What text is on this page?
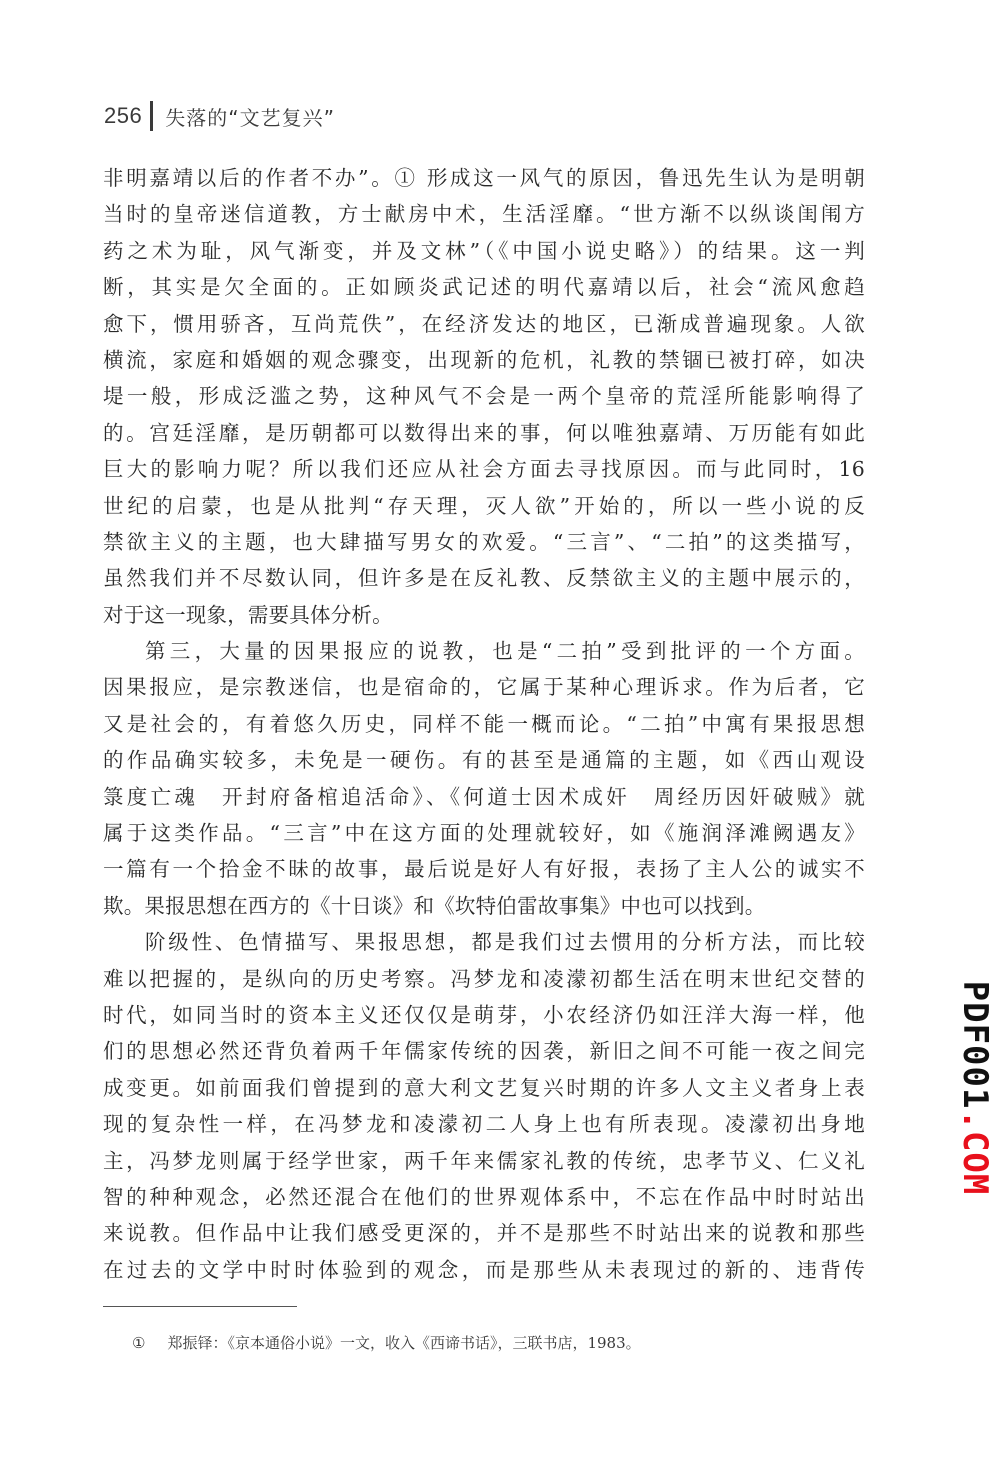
256 失落的“文艺复兴”
非明嘉靖以后的作者不办”。① 形成这一风气的原因，鲁迅先生认为是明朝
当时的皇帝迷信道教，方士献房中术，生活淫靡。“世方渐不以纵谈闺闱方
药之术为耻，风气渐变，并及文林”（《中国小说史略》）的结果。这一判
断，其实是欠全面的。正如顾炎武记述的明代嘉靖以后，社会“流风愈趋
愈下，惯用骄吝，互尚荒佚”，在经济发达的地区，已渐成普遍现象。人欲
横流，家庭和婚姻的观念骤变，出现新的危机，礼教的禁锢已被打碎，如决
堤一般，形成泛滥之势，这种风气不会是一两个皇帝的荒淫所能影响得了
的。宫廷淫靡，是历朝都可以数得出来的事，何以唯独嘉靖、万历能有如此
巨大的影响力呢？所以我们还应从社会方面去寻找原因。而与此同时，16
世纪的启蒙，也是从批判“存天理，灭人欲”开始的，所以一些小说的反
禁欲主义的主题，也大肆描写男女的欢爱。“三言”、“二拍”的这类描写，
虽然我们并不尽数认同，但许多是在反礼教、反禁欲主义的主题中展示的，
对于这一现象，需要具体分析。
第三，大量的因果报应的说教，也是“二拍”受到批评的一个方面。
因果报应，是宗教迷信，也是宿命的，它属于某种心理诉求。作为后者，它
又是社会的，有着悠久历史，同样不能一概而论。“二拍”中寓有果报思想
的作品确实较多，未免是一硬伤。有的甚至是通篇的主题，如《西山观设
箓度亡魂　开封府备棺追活命》、《何道士因术成奸　周经历因奸破贼》就
属于这类作品。“三言”中在这方面的处理就较好，如《施润泽滩阙遇友》
一篇有一个拾金不昧的故事，最后说是好人有好报，表扬了主人公的诚实不
欺。果报思想在西方的《十日谈》和《坎特伯雷故事集》中也可以找到。
阶级性、色情描写、果报思想，都是我们过去惯用的分析方法，而比较
难以把握的，是纵向的历史考察。冯梦龙和凌濛初都生活在明末世纪交替的
时代，如同当时的资本主义还仅仅是萌芽，小农经济仍如汪洋大海一样，他
们的思想必然还背负着两千年儒家传统的因袭，新旧之间不可能一夜之间完
成变更。如前面我们曾提到的意大利文艺复兴时期的许多人文主义者身上表
现的复杂性一样，在冯梦龙和凌濛初二人身上也有所表现。凌濛初出身地
主，冯梦龙则属于经学世家，两千年来儒家礼教的传统，忠孝节义、仁义礼
智的种种观念，必然还混合在他们的世界观体系中，不忘在作品中时时站出
来说教。但作品中让我们感受更深的，并不是那些不时站出来的说教和那些
在过去的文学中时时体验到的观念，而是那些从未表现过的新的、违背传
① 郑振铎：《京本通俗小说》一文，收入《西谛书话》，三联书店，1983。
PDF001.COM
